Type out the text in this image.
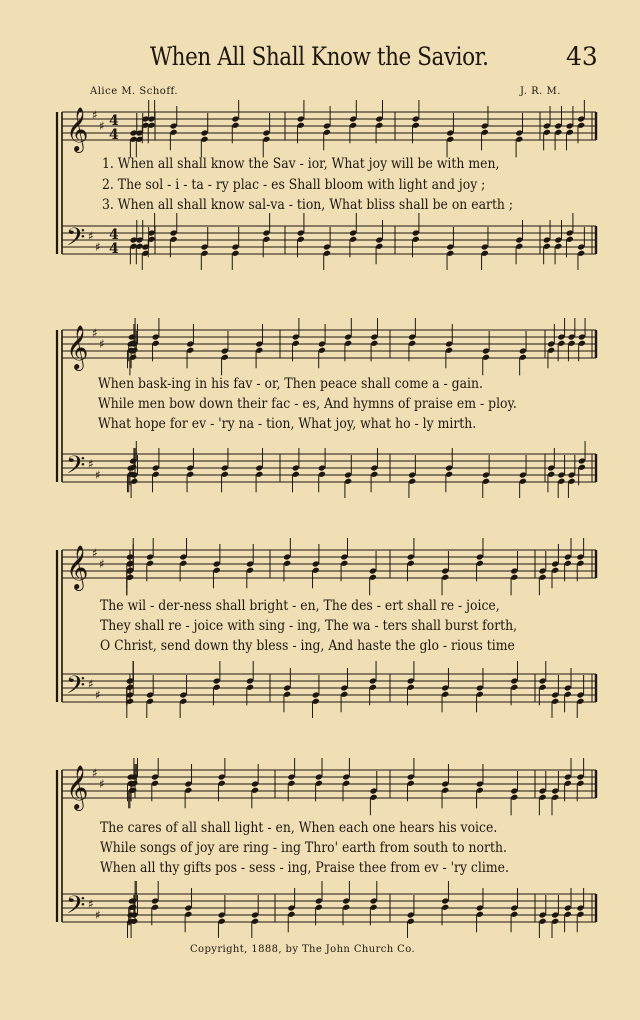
When All Shall Know the Savior.	43
Alice M. Schoff.	J. R. M.
𝄞
𝄢
♯
♯
♯
♯
4
4
4
4
1. When all shall know the Sav - ior, What joy will be with men,
2. The sol - i - ta - ry plac - es Shall bloom with light and joy ;
3. When all shall know sal-va - tion, What bliss shall be on earth ;
𝄞
𝄢
♯
♯
♯
♯
When bask-ing in his fav - or, Then peace shall come a - gain.
While men bow down their fac - es, And hymns of praise em - ploy.
What hope for ev - 'ry na - tion, What joy, what ho - ly mirth.
𝄞
𝄢
♯
♯
♯
♯
The wil - der-ness shall bright - en, The des - ert shall re - joice,
They shall re - joice with sing - ing, The wa - ters shall burst forth,
O Christ, send down thy bless - ing, And haste the glo - rious time
𝄞
𝄢
♯
♯
♯
♯
The cares of all shall light - en, When each one hears his voice.
While songs of joy are ring - ing Thro' earth from south to north.
When all thy gifts pos - sess - ing, Praise thee from ev - 'ry clime.
Copyright, 1888, by The John Church Co.
